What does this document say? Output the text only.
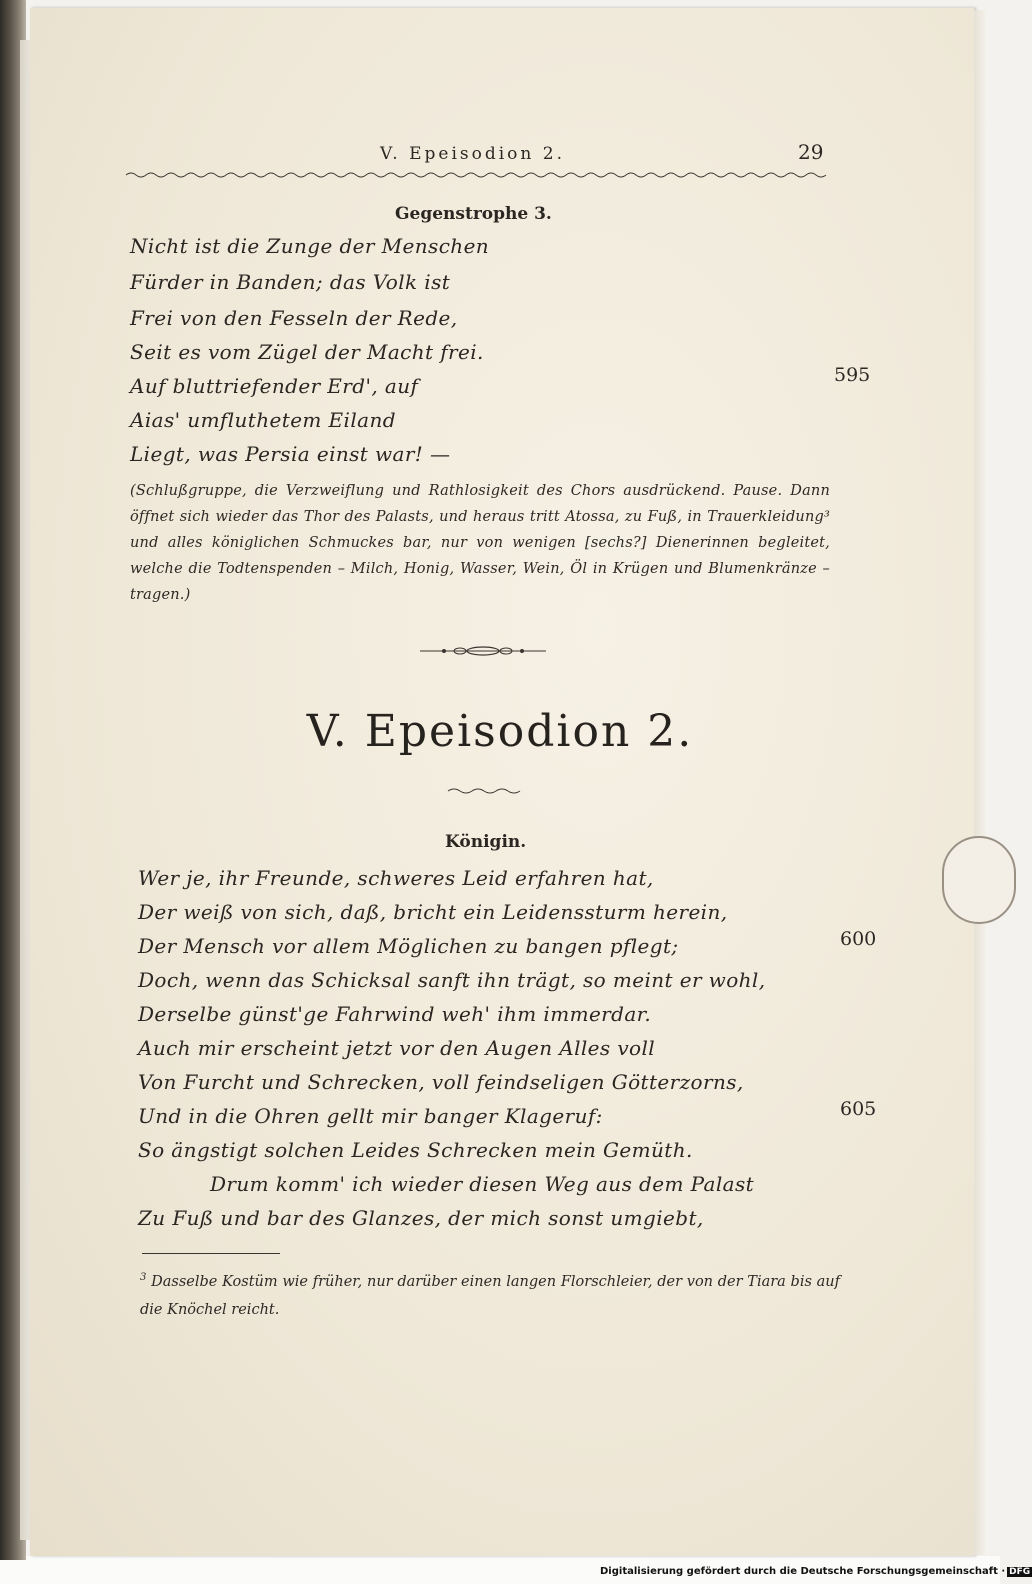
V. Epeisodion 2.	29
Gegenstrophe 3.
Nicht ist die Zunge der Menschen
Fürder in Banden; das Volk ist
Frei von den Fesseln der Rede,
Seit es vom Zügel der Macht frei.
Auf bluttriefender Erd', auf
Aias' umfluthetem Eiland
Liegt, was Persia einst war! —
595
(Schlußgruppe, die Verzweiflung und Rathlosigkeit des Chors ausdrückend. Pause. Dann öffnet sich wieder das Thor des Palasts, und heraus tritt Atossa, zu Fuß, in Trauerkleidung³ und alles königlichen Schmuckes bar, nur von wenigen [sechs?] Dienerinnen begleitet, welche die Todtenspenden – Milch, Honig, Wasser, Wein, Öl in Krügen und Blumenkränze – tragen.)
V. Epeisodion 2.
Königin.
Wer je, ihr Freunde, schweres Leid erfahren hat,
Der weiß von sich, daß, bricht ein Leidenssturm herein,
Der Mensch vor allem Möglichen zu bangen pflegt;
Doch, wenn das Schicksal sanft ihn trägt, so meint er wohl,
Derselbe günst'ge Fahrwind weh' ihm immerdar.
Auch mir erscheint jetzt vor den Augen Alles voll
Von Furcht und Schrecken, voll feindseligen Götterzorns,
Und in die Ohren gellt mir banger Klageruf:
So ängstigt solchen Leides Schrecken mein Gemüth.
Drum komm' ich wieder diesen Weg aus dem Palast
Zu Fuß und bar des Glanzes, der mich sonst umgiebt,
600
605
$^3$ Dasselbe Kostüm wie früher, nur darüber einen langen Florschleier, der von der Tiara bis auf die Knöchel reicht.
Digitalisierung gefördert durch die Deutsche Forschungsgemeinschaft · DFG
